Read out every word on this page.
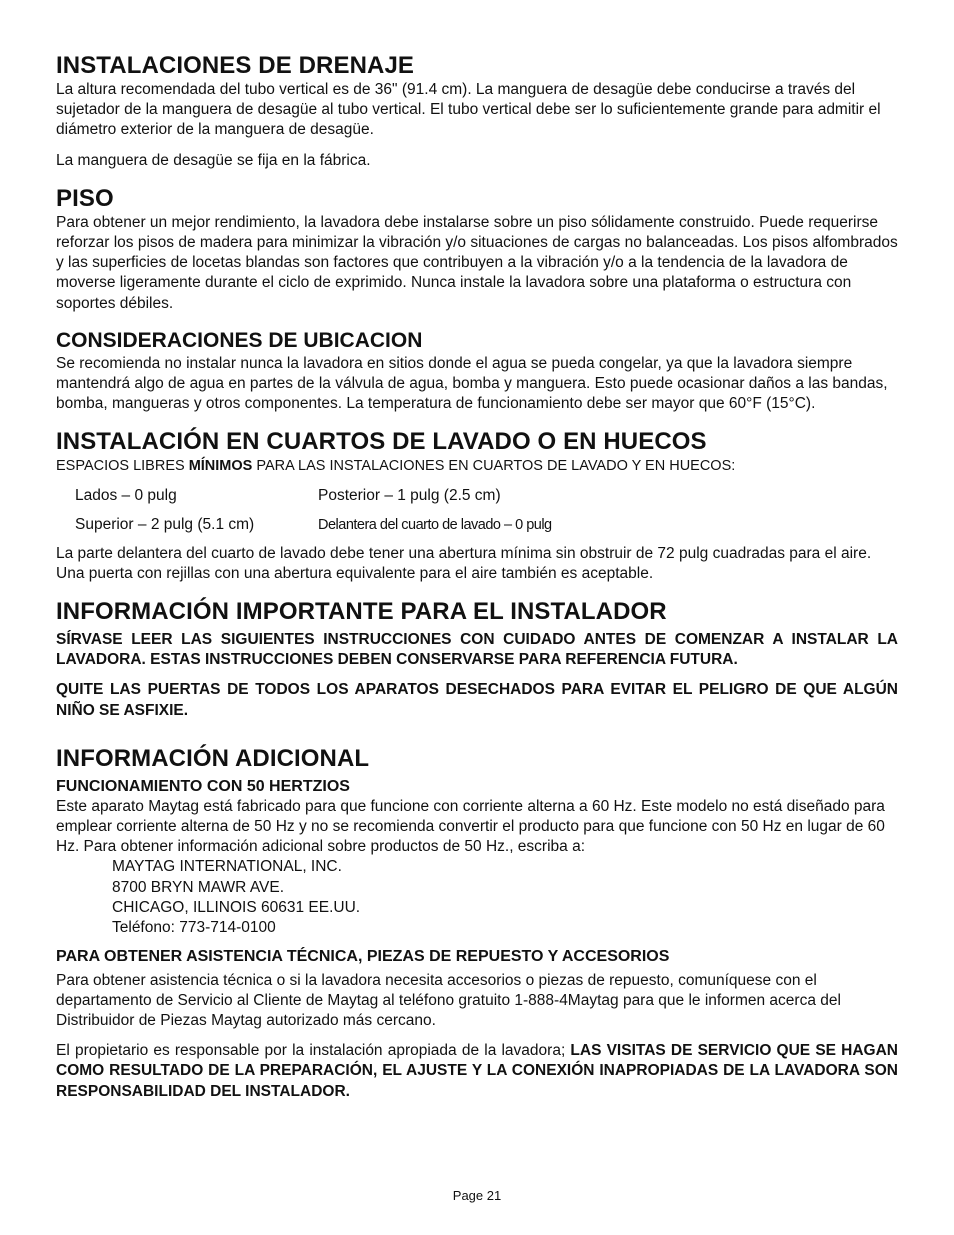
INSTALACIONES DE DRENAJE

La altura recomendada del tubo vertical es de 36" (91.4 cm). La manguera de desagüe debe conducirse a través del sujetador de la manguera de desagüe al tubo vertical. El tubo vertical debe ser lo suficientemente grande para admitir el diámetro exterior de la manguera de desagüe.

La manguera de desagüe se fija en la fábrica.

PISO

Para obtener un mejor rendimiento, la lavadora debe instalarse sobre un piso sólidamente construido. Puede requerirse reforzar los pisos de madera para minimizar la vibración y/o situaciones de cargas no balanceadas. Los pisos alfombrados y las superficies de locetas blandas son factores que contribuyen a la vibración y/o a la tendencia de la lavadora de moverse ligeramente durante el ciclo de exprimido. Nunca instale la lavadora sobre una plataforma o estructura con soportes débiles.

CONSIDERACIONES DE UBICACION

Se recomienda no instalar nunca la lavadora en sitios donde el agua se pueda congelar, ya que la lavadora siempre mantendrá algo de agua en partes de la válvula de agua, bomba y manguera. Esto puede ocasionar daños a las bandas, bomba, mangueras y otros componentes. La temperatura de funcionamiento debe ser mayor que 60°F (15°C).

INSTALACIÓN EN CUARTOS DE LAVADO O EN HUECOS

ESPACIOS LIBRES MÍNIMOS PARA LAS INSTALACIONES EN CUARTOS DE LAVADO Y EN HUECOS:

Lados – 0 pulg	Posterior – 1 pulg (2.5 cm)
Superior – 2 pulg (5.1 cm)	Delantera del cuarto de lavado – 0 pulg

La parte delantera del cuarto de lavado debe tener una abertura mínima sin obstruir de 72 pulg cuadradas para el aire. Una puerta con rejillas con una abertura equivalente para el aire también es aceptable.

INFORMACIÓN IMPORTANTE PARA EL INSTALADOR

SÍRVASE LEER LAS SIGUIENTES INSTRUCCIONES CON CUIDADO ANTES DE COMENZAR A INSTALAR LA LAVADORA. ESTAS INSTRUCCIONES DEBEN CONSERVARSE PARA REFERENCIA FUTURA.

QUITE LAS PUERTAS DE TODOS LOS APARATOS DESECHADOS PARA EVITAR EL PELIGRO DE QUE ALGÚN NIÑO SE ASFIXIE.

INFORMACIÓN ADICIONAL
FUNCIONAMIENTO CON 50 HERTZIOS

Este aparato Maytag está fabricado para que funcione con corriente alterna a 60 Hz. Este modelo no está diseñado para emplear corriente alterna de 50 Hz y no se recomienda convertir el producto para que funcione con 50 Hz en lugar de 60 Hz. Para obtener información adicional sobre productos de 50 Hz., escriba a:

MAYTAG INTERNATIONAL, INC.
8700 BRYN MAWR AVE.
CHICAGO, ILLINOIS 60631 EE.UU.
Teléfono: 773-714-0100
PARA OBTENER ASISTENCIA TÉCNICA, PIEZAS DE REPUESTO Y ACCESORIOS

Para obtener asistencia técnica o si la lavadora necesita accesorios o piezas de repuesto, comuníquese con el departamento de Servicio al Cliente de Maytag al teléfono gratuito 1-888-4Maytag para que le informen acerca del Distribuidor de Piezas Maytag autorizado más cercano.

El propietario es responsable por la instalación apropiada de la lavadora; LAS VISITAS DE SERVICIO QUE SE HAGAN COMO RESULTADO DE LA PREPARACIÓN, EL AJUSTE Y LA CONEXIÓN INAPROPIADAS DE LA LAVADORA SON RESPONSABILIDAD DEL INSTALADOR.

Page 21
